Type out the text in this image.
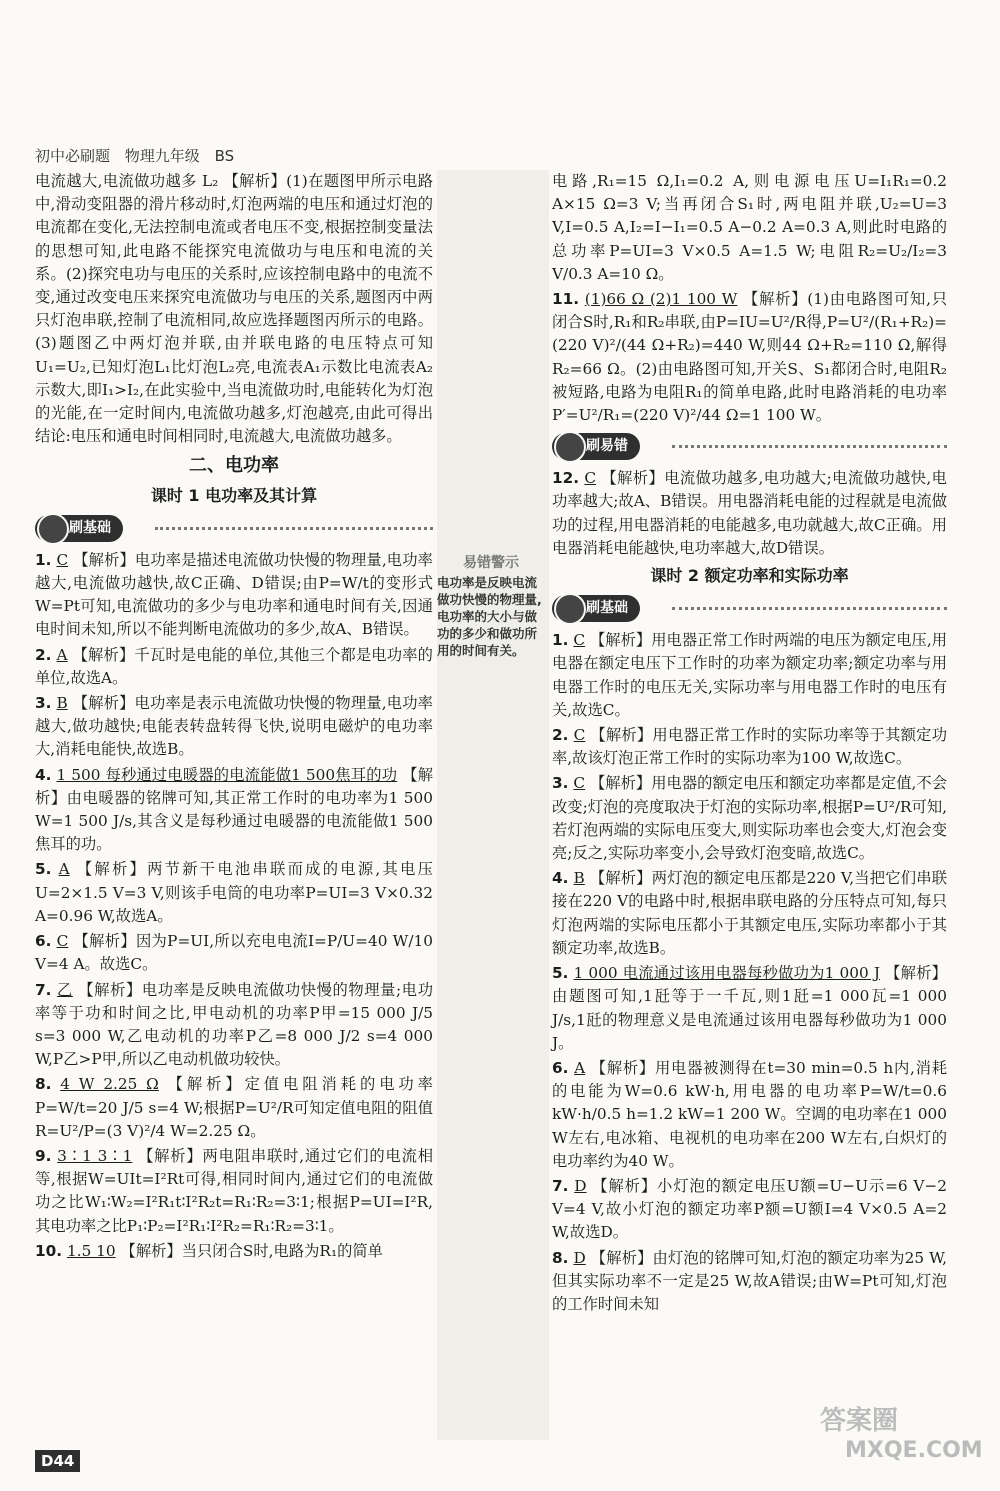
初中必刷题 物理九年级 BS

电流越大,电流做功越多 L₂ 【解析】(1)在题图甲所示电路中,滑动变阻器的滑片移动时,灯泡两端的电压和通过灯泡的电流都在变化,无法控制电流或者电压不变,根据控制变量法的思想可知,此电路不能探究电流做功与电压和电流的关系。(2)探究电功与电压的关系时,应该控制电路中的电流不变,通过改变电压来探究电流做功与电压的关系,题图丙中两只灯泡串联,控制了电流相同,故应选择题图丙所示的电路。(3)题图乙中两灯泡并联,由并联电路的电压特点可知U₁=U₂,已知灯泡L₁比灯泡L₂亮,电流表A₁示数比电流表A₂示数大,即I₁>I₂,在此实验中,当电流做功时,电能转化为灯泡的光能,在一定时间内,电流做功越多,灯泡越亮,由此可得出结论:电压和通电时间相同时,电流越大,电流做功越多。

二、电功率
课时 1 电功率及其计算
刷基础

1. C 【解析】电功率是描述电流做功快慢的物理量,电功率越大,电流做功越快,故C正确、D错误;由P=W/t的变形式W=Pt可知,电流做功的多少与电功率和通电时间有关,因通电时间未知,所以不能判断电流做功的多少,故A、B错误。

2. A 【解析】千瓦时是电能的单位,其他三个都是电功率的单位,故选A。

3. B 【解析】电功率是表示电流做功快慢的物理量,电功率越大,做功越快;电能表转盘转得飞快,说明电磁炉的电功率大,消耗电能快,故选B。

4. 1 500 每秒通过电暖器的电流能做1 500焦耳的功 【解析】由电暖器的铭牌可知,其正常工作时的电功率为1 500 W=1 500 J/s,其含义是每秒通过电暖器的电流能做1 500焦耳的功。

5. A 【解析】两节新干电池串联而成的电源,其电压U=2×1.5 V=3 V,则该手电筒的电功率P=UI=3 V×0.32 A=0.96 W,故选A。

6. C 【解析】因为P=UI,所以充电电流I=P/U=40 W/10 V=4 A。故选C。

7. 乙 【解析】电功率是反映电流做功快慢的物理量;电功率等于功和时间之比,甲电动机的功率P甲=15 000 J/5 s=3 000 W,乙电动机的功率P乙=8 000 J/2 s=4 000 W,P乙>P甲,所以乙电动机做功较快。

8. 4 W 2.25 Ω 【解析】定值电阻消耗的电功率P=W/t=20 J/5 s=4 W;根据P=U²/R可知定值电阻的阻值R=U²/P=(3 V)²/4 W=2.25 Ω。

9. 3∶1 3∶1 【解析】两电阻串联时,通过它们的电流相等,根据W=UIt=I²Rt可得,相同时间内,通过它们的电流做功之比W₁∶W₂=I²R₁t∶I²R₂t=R₁∶R₂=3∶1;根据P=UI=I²R,其电功率之比P₁∶P₂=I²R₁∶I²R₂=R₁∶R₂=3∶1。

10. 1.5 10 【解析】当只闭合S时,电路为R₁的简单

易错警示
电功率是反映电流做功快慢的物理量,电功率的大小与做功的多少和做功所用的时间有关。

电路,R₁=15 Ω,I₁=0.2 A,则电源电压U=I₁R₁=0.2 A×15 Ω=3 V;当再闭合S₁时,两电阻并联,U₂=U=3 V,I=0.5 A,I₂=I−I₁=0.5 A−0.2 A=0.3 A,则此时电路的总功率P=UI=3 V×0.5 A=1.5 W;电阻R₂=U₂/I₂=3 V/0.3 A=10 Ω。

11. (1)66 Ω (2)1 100 W 【解析】(1)由电路图可知,只闭合S时,R₁和R₂串联,由P=IU=U²/R得,P=U²/(R₁+R₂)=(220 V)²/(44 Ω+R₂)=440 W,则44 Ω+R₂=110 Ω,解得R₂=66 Ω。(2)由电路图可知,开关S、S₁都闭合时,电阻R₂被短路,电路为电阻R₁的简单电路,此时电路消耗的电功率P′=U²/R₁=(220 V)²/44 Ω=1 100 W。

刷易错

12. C 【解析】电流做功越多,电功越大;电流做功越快,电功率越大;故A、B错误。用电器消耗电能的过程就是电流做功的过程,用电器消耗的电能越多,电功就越大,故C正确。用电器消耗电能越快,电功率越大,故D错误。

课时 2 额定功率和实际功率
刷基础

1. C 【解析】用电器正常工作时两端的电压为额定电压,用电器在额定电压下工作时的功率为额定功率;额定功率与用电器工作时的电压无关,实际功率与用电器工作时的电压有关,故选C。

2. C 【解析】用电器正常工作时的实际功率等于其额定功率,故该灯泡正常工作时的实际功率为100 W,故选C。

3. C 【解析】用电器的额定电压和额定功率都是定值,不会改变;灯泡的亮度取决于灯泡的实际功率,根据P=U²/R可知,若灯泡两端的实际电压变大,则实际功率也会变大,灯泡会变亮;反之,实际功率变小,会导致灯泡变暗,故选C。

4. B 【解析】两灯泡的额定电压都是220 V,当把它们串联接在220 V的电路中时,根据串联电路的分压特点可知,每只灯泡两端的实际电压都小于其额定电压,实际功率都小于其额定功率,故选B。

5. 1 000 电流通过该用电器每秒做功为1 000 J 【解析】由题图可知,1瓩等于一千瓦,则1瓩=1 000瓦=1 000 J/s,1瓩的物理意义是电流通过该用电器每秒做功为1 000 J。

6. A 【解析】用电器被测得在t=30 min=0.5 h内,消耗的电能为W=0.6 kW·h,用电器的电功率P=W/t=0.6 kW·h/0.5 h=1.2 kW=1 200 W。空调的电功率在1 000 W左右,电冰箱、电视机的电功率在200 W左右,白炽灯的电功率约为40 W。

7. D 【解析】小灯泡的额定电压U额=U−U示=6 V−2 V=4 V,故小灯泡的额定功率P额=U额I=4 V×0.5 A=2 W,故选D。

8. D 【解析】由灯泡的铭牌可知,灯泡的额定功率为25 W,但其实际功率不一定是25 W,故A错误;由W=Pt可知,灯泡的工作时间未知

D44
答案圈
MXQE.COM
